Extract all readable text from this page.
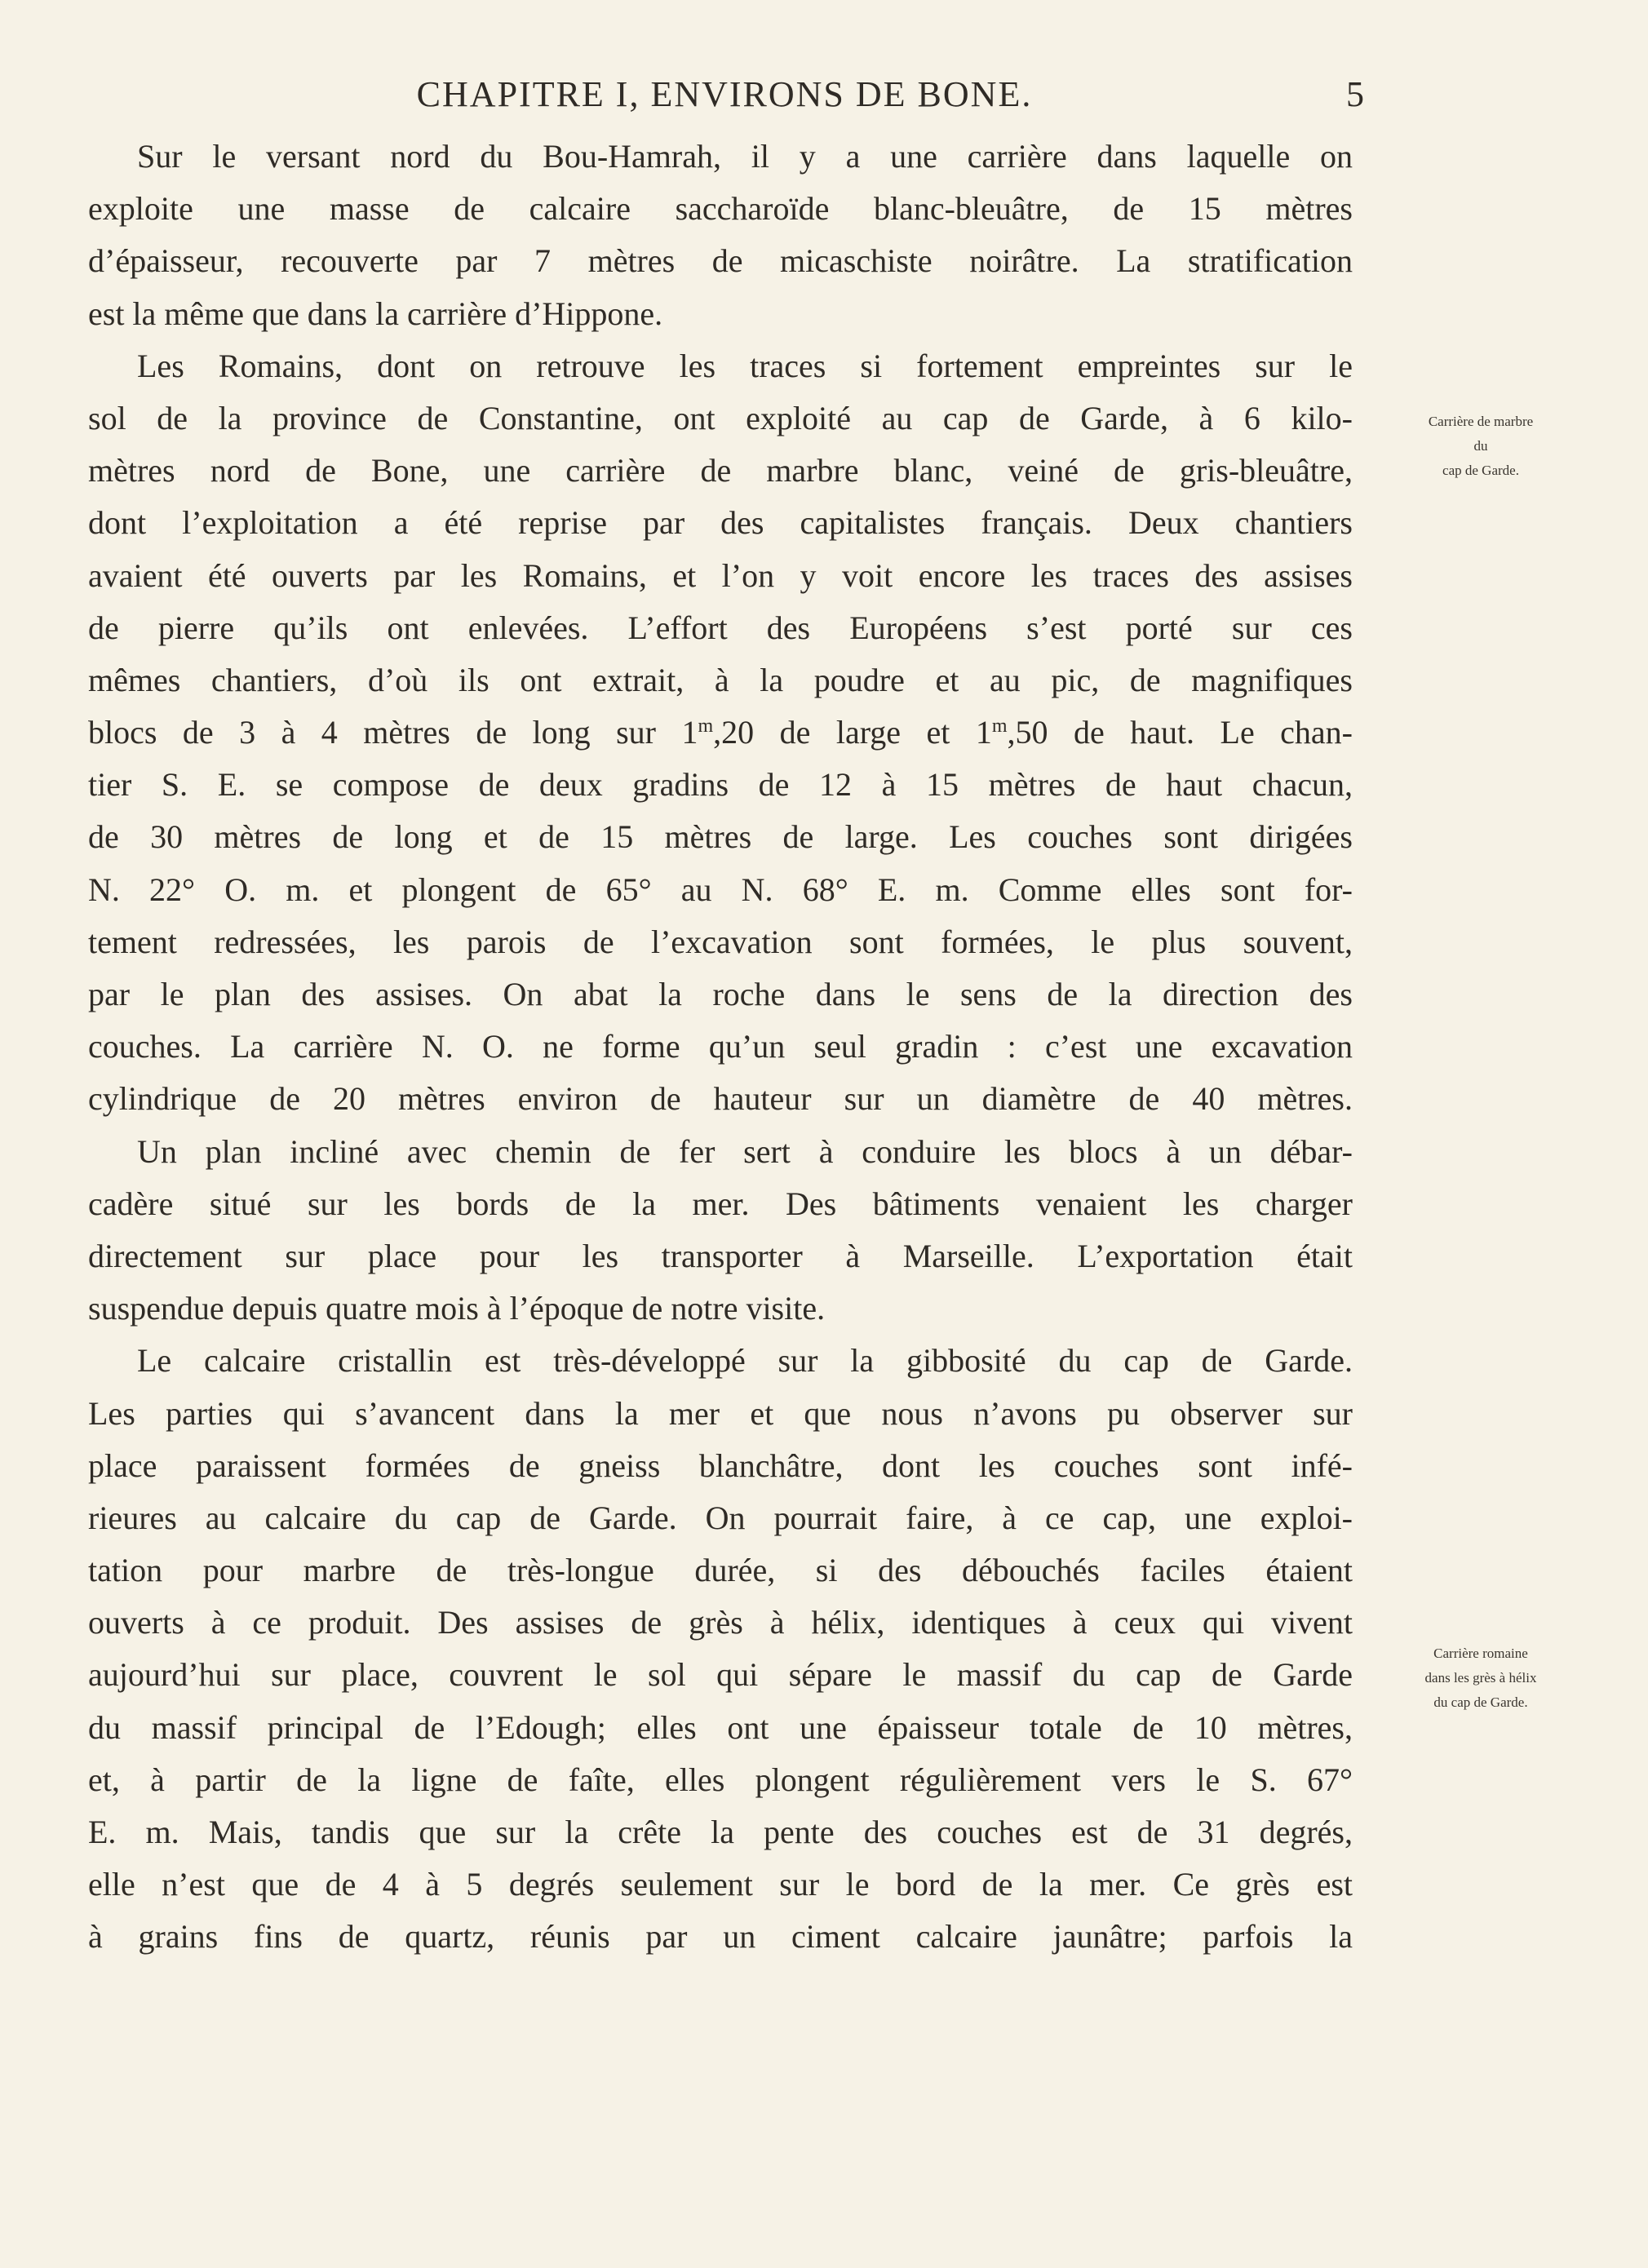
CHAPITRE I, ENVIRONS DE BONE.	5
Sur le versant nord du Bou-Hamrah, il y a une carrière dans laquelle on
exploite une masse de calcaire saccharoïde blanc-bleuâtre, de 15 mètres
d’épaisseur, recouverte par 7 mètres de micaschiste noirâtre. La stratification
est la même que dans la carrière d’Hippone.
Les Romains, dont on retrouve les traces si fortement empreintes sur le
sol de la province de Constantine, ont exploité au cap de Garde, à 6 kilo-
mètres nord de Bone, une carrière de marbre blanc, veiné de gris-bleuâtre,
dont l’exploitation a été reprise par des capitalistes français. Deux chantiers
avaient été ouverts par les Romains, et l’on y voit encore les traces des assises
de pierre qu’ils ont enlevées. L’effort des Européens s’est porté sur ces
mêmes chantiers, d’où ils ont extrait, à la poudre et au pic, de magnifiques
blocs de 3 à 4 mètres de long sur 1$^m$,20 de large et 1$^m$,50 de haut. Le chan-
tier S. E. se compose de deux gradins de 12 à 15 mètres de haut chacun,
de 30 mètres de long et de 15 mètres de large. Les couches sont dirigées
N. 22° O. m. et plongent de 65° au N. 68° E. m. Comme elles sont for-
tement redressées, les parois de l’excavation sont formées, le plus souvent,
par le plan des assises. On abat la roche dans le sens de la direction des
couches. La carrière N. O. ne forme qu’un seul gradin : c’est une excavation
cylindrique de 20 mètres environ de hauteur sur un diamètre de 40 mètres.
Un plan incliné avec chemin de fer sert à conduire les blocs à un débar-
cadère situé sur les bords de la mer. Des bâtiments venaient les charger
directement sur place pour les transporter à Marseille. L’exportation était
suspendue depuis quatre mois à l’époque de notre visite.
Le calcaire cristallin est très-développé sur la gibbosité du cap de Garde.
Les parties qui s’avancent dans la mer et que nous n’avons pu observer sur
place paraissent formées de gneiss blanchâtre, dont les couches sont infé-
rieures au calcaire du cap de Garde. On pourrait faire, à ce cap, une exploi-
tation pour marbre de très-longue durée, si des débouchés faciles étaient
ouverts à ce produit. Des assises de grès à hélix, identiques à ceux qui vivent
aujourd’hui sur place, couvrent le sol qui sépare le massif du cap de Garde
du massif principal de l’Edough; elles ont une épaisseur totale de 10 mètres,
et, à partir de la ligne de faîte, elles plongent régulièrement vers le S. 67°
E. m. Mais, tandis que sur la crête la pente des couches est de 31 degrés,
elle n’est que de 4 à 5 degrés seulement sur le bord de la mer. Ce grès est
à grains fins de quartz, réunis par un ciment calcaire jaunâtre; parfois la
Carrière de marbre
du
cap de Garde.
Carrière romaine
dans les grès à hélix
du cap de Garde.
